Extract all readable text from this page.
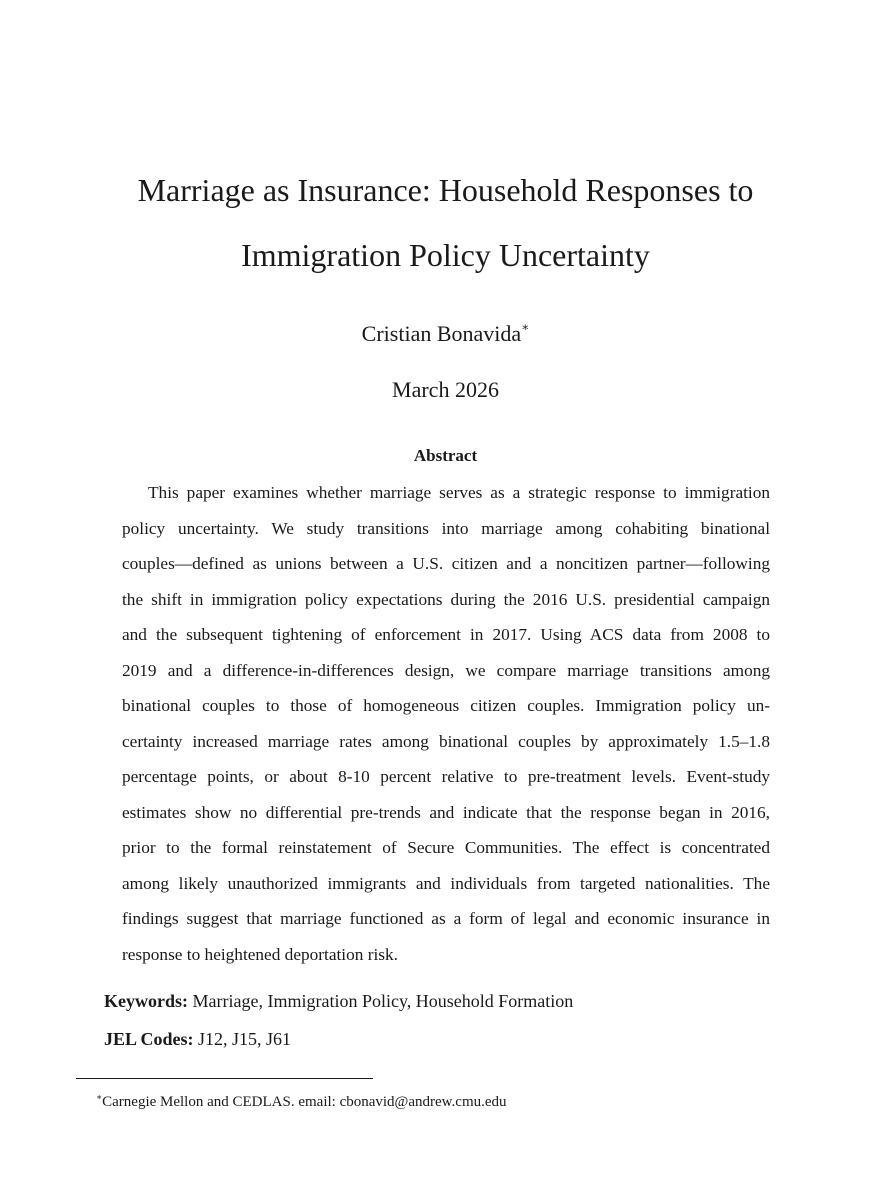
Marriage as Insurance: Household Responses to
Immigration Policy Uncertainty
Cristian Bonavida∗
March 2026
Abstract
This paper examines whether marriage serves as a strategic response to immigration
policy uncertainty. We study transitions into marriage among cohabiting binational
couples—defined as unions between a U.S. citizen and a noncitizen partner—following
the shift in immigration policy expectations during the 2016 U.S. presidential campaign
and the subsequent tightening of enforcement in 2017. Using ACS data from 2008 to
2019 and a difference-in-differences design, we compare marriage transitions among
binational couples to those of homogeneous citizen couples. Immigration policy un-
certainty increased marriage rates among binational couples by approximately 1.5–1.8
percentage points, or about 8-10 percent relative to pre-treatment levels. Event-study
estimates show no differential pre-trends and indicate that the response began in 2016,
prior to the formal reinstatement of Secure Communities. The effect is concentrated
among likely unauthorized immigrants and individuals from targeted nationalities. The
findings suggest that marriage functioned as a form of legal and economic insurance in
response to heightened deportation risk.
Keywords: Marriage, Immigration Policy, Household Formation
JEL Codes: J12, J15, J61
∗Carnegie Mellon and CEDLAS. email: cbonavid@andrew.cmu.edu
